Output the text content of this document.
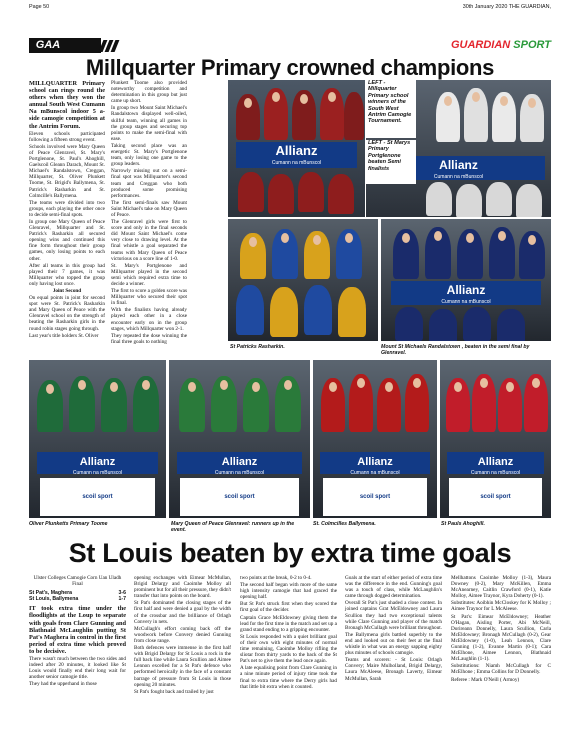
Page 50	30th January 2020 THE GUARDIAN,
GAA	GUARDIAN SPORT
Millquarter Primary crowned champions

MILLQUARTER Primary school can rings round the others when they won the annual South West Cumann Na mBunscol indoor 5 a-side camogie competition at the Antrim Forum.

Eleven schools participated following a fifteen strong event.

Schools involved were Mary Queen of Peace Glenravel, St. Mary's Portglenone, St. Paul's Ahoghill, Gaelscoil Gleann Darach, Mount St. Michael's Randalstown, Creggan, Millquarter, St. Oliver Plunkett Toome, St. Brigid's Ballymena, St. Patrick's Rasharkin and St. Colmcille's Ballymena.

The teams were divided into two groups, each playing the other once to decide semi-final spots.

In group one Mary Queen of Peace Glenravel, Millquarter and St. Patrick's Rasharkin all secured opening wins and continued this fine form throughout their group games, only losing points to each other.

After all teams in this group had played their 7 games, it was Millquarter who topped the group only having lost once.

Joint Second

On equal points in joint for second spot were St. Patrick's Rasharkin and Mary Queen of Peace with the Glenravel school on the strength of beating the Rasharkin girls in the round robin stages going through.

Last year's title holders St. Oliver

Plunkett Toome also provided noteworthy competition and determination in this group but just came up short.

In group two Mount Saint Michael's Randalstown displayed well-oiled, skilful team, winning all games in the group stages and securing top points to make the semi-final with ease.

Taking second place was an energetic St. Mary's Portglenone team, only losing one game to the group leaders.

Narrowly missing out on a semi-final spot was Millquarter's second team and Creggan who both produced some promising performances.

The first semi-finals saw Mount Saint Michael's take on Mary Queen of Peace.

The Glenravel girls were first to score and only in the final seconds did Mount Saint Michael's come very close to drawing level. At the final whistle a goal separated the teams with Mary Queen of Peace victorious on a score line of 1-0.

St. Mary's Portglenone and Millquarter played in the second semi which required extra time to decide a winner.

The first to score a golden score was Millquarter who secured their spot in final.

With the finalists having already played each other in a close encounter early on in the group stages, which Millquarter won 2-1.

They repeated the dose winning the final three goals to nothing

Allianz
Cumann na mBunscol	Allianz
Cumann na mBunscol
LEFT - Millquarter Primary school winners of the South West Antrim Camogie Tournament.
LEFT - St Marys Primary Portglenone beaten Semi finalists
St Patricks Rasharkin.
Allianz
Cumann na mBunscol
Mount St Michaels Randalstown , beaten in the semi final by Glenravel.
Allianz
Cumann na mBunscol
scoil sport
Oliver Plunketts Primary Toome
Allianz
Cumann na mBunscol
scoil sport
Mary Queen of Peace Glenravel: runners up in the event.
Allianz
Cumann na mBunscol
scoil sport
St. Colmcilles Ballymena.
Allianz
Cumann na mBunscol
scoil sport
St Pauls Ahoghill.
St Louis beaten by extra time goals

Ulster Colleges Camogie Corn Uan Uladh Final

St Pat's, Maghera	3-6
St Louis, Ballymena	1-7

IT took extra time under the floodlights at the Loup to separate with goals from Clare Gunning and Blathnaid McLaughlin putting St Pat's Maghera in control in the first period of extra time which proved to be decisive.

There wasn't much between the two sides and indeed after 20 minutes, it looked like St Louis would finally end their long wait for another senior camogie title.

They had the upperhand in those

opening exchanges with Eimear McMullan, Brigid Delargy and Caoimhe Molloy all prominent but for all their pressure, they didn't transfer that into points on the board.

St Pat's dominated the closing stages of the first half and were denied a goal by the width of the crossbar and the brilliance of Orlagh Convery in nets.

McCullagh's effort coming back off the woodwork before Convery denied Gunning from close range.

Both defences were immense in the first half with Brigid Delargy for St Louis a rock in the full back line while Laura Scullion and Aimee Lennon excelled for a St Pat's defence who performed heroically in the face of a constant barrage of pressure from St Louis in those opening 20 minutes.

St Pat's fought back and trailed by just

two points at the break, 0-2 to 0-4.

The second half began with more of the same high intensity camogie that had graced the opening half.

But St Pat's struck first when they scored the first goal of the decider.

Captain Grace McEldowney giving them the lead for the first time in the match and set up a grand stand ending to a gripping encounter.

St Louis responded with a quiet brilliant goal of their own with eight minutes of normal time remaining, Caoimhe Molloy rifling the sliotar from thirty yards to the back of the St Pat's net to give them the lead once again.

A late equalising point from Clare Gunning in a nine minute period of injury time took the final to extra time where the Derry girls had that little bit extra when it counted.

Goals at the start of either period of extra time was the difference in the end. Gunning's goal was a touch of class, while McLaughlin's came through dogged determination.

Overall St Pat's just shaded a close contest. In joined captains Grat McEldowney and Laura Scullion they had two exceptional talents while Clare Gunning and player of the match Bronagh McCullagh were brilliant throughout.

The Ballymena girls battled superbly to the end and looked out on their feet at the final whistle in what was an energy sapping eighty plus minutes of schools camogie.

Teams and scorers: - St Louis: Orlagh Convery; Maire Mulholland, Brigid Delargy, Laura McAleese, Bronagh Laverty, Eimear McMullan, Sarah

Mellhattons Caoimhe Molloy (1-3), Maura Downey (0-2), Mary McKillen, Emma McAnearney, Caitlin Crawford (0-1), Katie Molloy, Aimee Traynor, Kyra Doherty (0-1).

Substitutes: Aoibhin McCloskey for K Molloy ; Aimee Traynor for L McAleese.

St Pat's: Eimear McEldowney; Heather O'Hagan, Aisling Porter, Abi McNeill, Dorireann Donnelly, Laura Scullion, Carla McEldowney; Bronagh McCullagh (0-2), Gear McEldowney (1-0), Leah Lennon, Clare Gunning (1-2), Evanne Martin (0-1); Cara McElhone, Aimee Lennon, Blathnaid McLaughlin (1-1).

Substitutions: Niamh McCullagh for C McElhone ; Emma Collins for D Donnelly.

Referee : Mark O'Neill ( Armoy)
